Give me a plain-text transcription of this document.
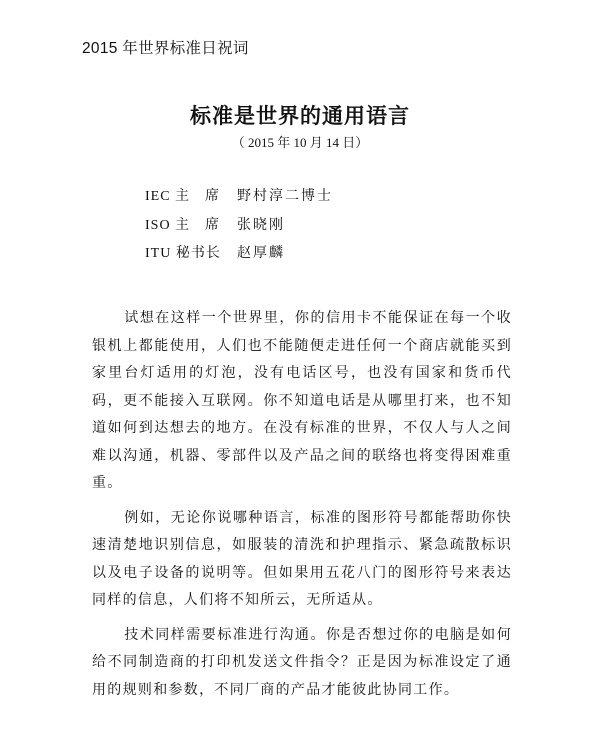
2015 年世界标准日祝词
标准是世界的通用语言
（ 2015 年 10 月 14 日）
IEC 主　席 野村淳二博士
ISO 主　席 张晓刚
ITU 秘书长 赵厚麟

试想在这样一个世界里，你的信用卡不能保证在每一个收银机上都能使用，人们也不能随便走进任何一个商店就能买到家里台灯适用的灯泡，没有电话区号，也没有国家和货币代码，更不能接入互联网。你不知道电话是从哪里打来，也不知道如何到达想去的地方。在没有标准的世界，不仅人与人之间难以沟通，机器、零部件以及产品之间的联络也将变得困难重重。

例如，无论你说哪种语言，标准的图形符号都能帮助你快速清楚地识别信息，如服装的清洗和护理指示、紧急疏散标识以及电子设备的说明等。但如果用五花八门的图形符号来表达同样的信息，人们将不知所云，无所适从。

技术同样需要标准进行沟通。你是否想过你的电脑是如何给不同制造商的打印机发送文件指令？正是因为标准设定了通用的规则和参数，不同厂商的产品才能彼此协同工作。
